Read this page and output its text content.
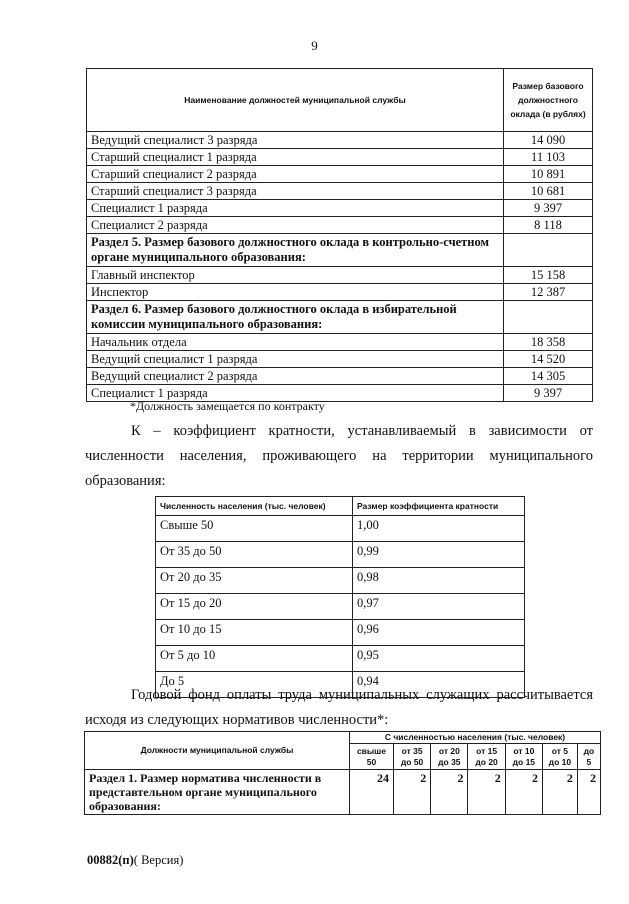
9
Наименование должностей муниципальной службы	Размер базового должностного оклада (в рублях)
Ведущий специалист 3 разряда	14 090
Старший специалист 1 разряда	11 103
Старший специалист 2 разряда	10 891
Старший специалист 3 разряда	10 681
Специалист 1 разряда	9 397
Специалист 2 разряда	8 118
Раздел 5. Размер базового должностного оклада в контрольно-счетном органе муниципального образования:	
Главный инспектор	15 158
Инспектор	12 387
Раздел 6. Размер базового должностного оклада в избирательной комиссии муниципального образования:	
Начальник отдела	18 358
Ведущий специалист 1 разряда	14 520
Ведущий специалист 2 разряда	14 305
Специалист 1 разряда	9 397
*Должность замещается по контракту
К – коэффициент кратности, устанавливаемый в зависимости от численности населения, проживающего на территории муниципального образования:
Численность населения (тыс. человек)	Размер коэффициента кратности
Свыше 50	1,00
От 35 до 50	0,99
От 20 до 35	0,98
От 15 до 20	0,97
От 10 до 15	0,96
От 5 до 10	0,95
До 5	0,94
Годовой фонд оплаты труда муниципальных служащих рассчитывается исходя из следующих нормативов численности*:
Должности муниципальной службы	С численностью населения (тыс. человек)						
	свыше 50	от 35 до 50	от 20 до 35	от 15 до 20	от 10 до 15	от 5 до 10	до 5
Раздел 1. Размер норматива численности в представтельном органе муниципального образования:	24	2	2	2	2	2	2
00882(п)( Версия)
